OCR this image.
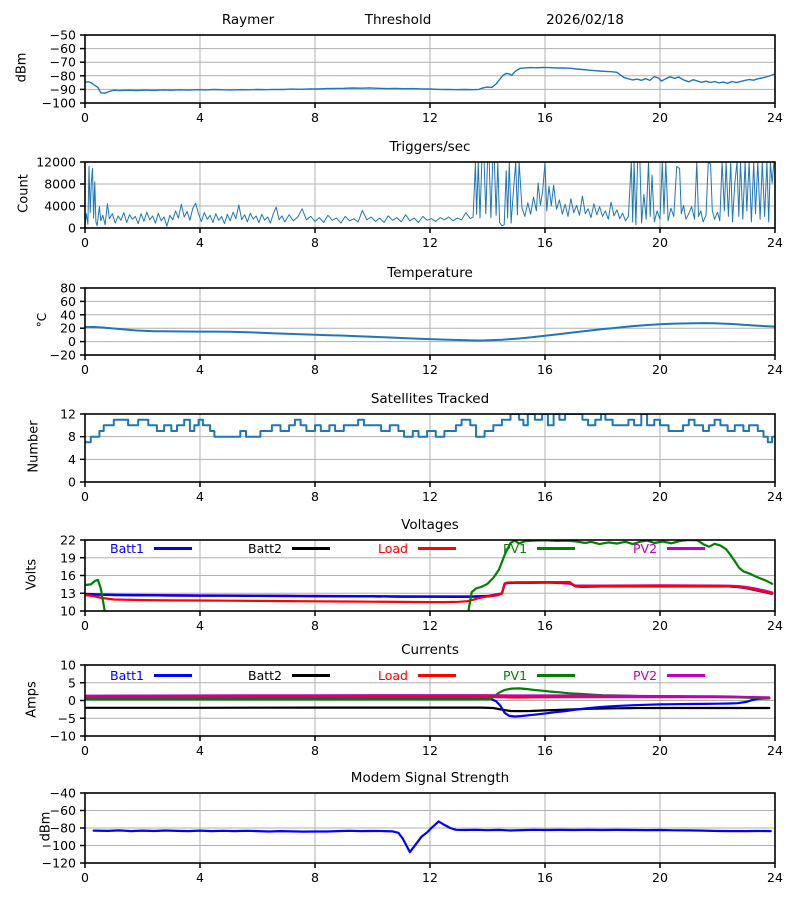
0	4	8	12	16	20	24
−100
−90
−80
−70
−60
−50
0	4	8	12	16	20	24
0
4000
8000
12000
0	4	8	12	16	20	24
−20
0
20
40
60
80
0	4	8	12	16	20	24
0
4
8
12
0	4	8	12	16	20	24
10
13
16
19
22
0	4	8	12	16	20	24
−10
−5
0
5
10
0	4	8	12	16	20	24
−120
−100
−80
−60
−40
Raymer	Threshold	2026/02/18
Triggers/sec
Temperature
Satellites Tracked
Voltages
Currents
Modem Signal Strength
dBm
Count
°C
Number
Volts
Amps
dBm
Batt1	Batt2	Load	PV1	PV2
Batt1	Batt2	Load	PV1	PV2
